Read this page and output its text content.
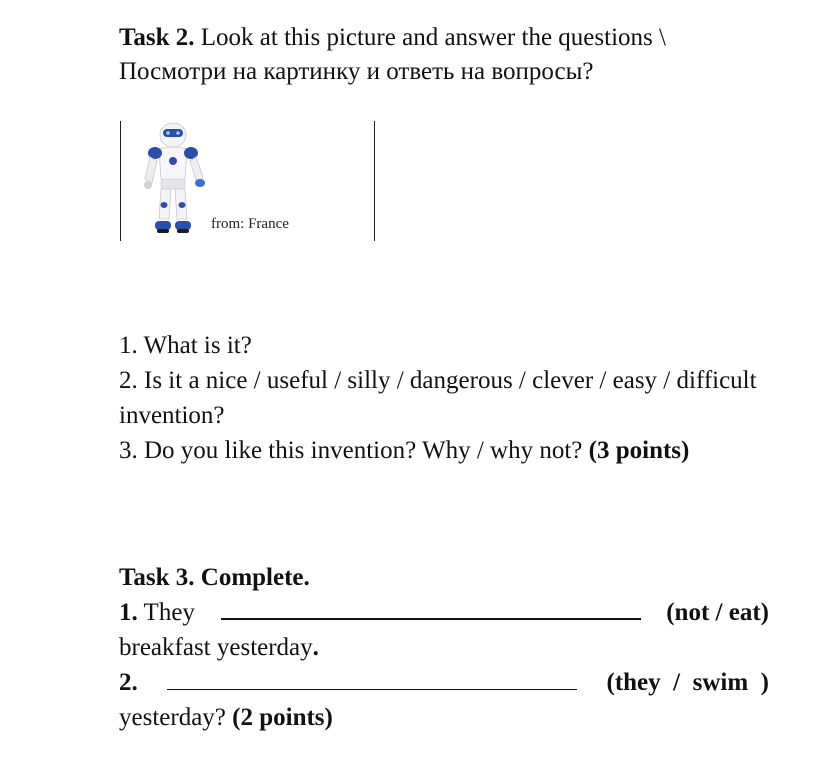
Task 2. Look at this picture and answer the questions \

Посмотри на картинку и ответь на вопросы?

1. What is it?

2. Is it a nice / useful / silly / dangerous / clever / easy / difficult invention?

3. Do you like this invention? Why / why not? (3 points)

Task 3. Complete.

1. They	(not / eat)

breakfast yesterday.

2.	(they  /  swim  )

yesterday? (2 points)

from: France
